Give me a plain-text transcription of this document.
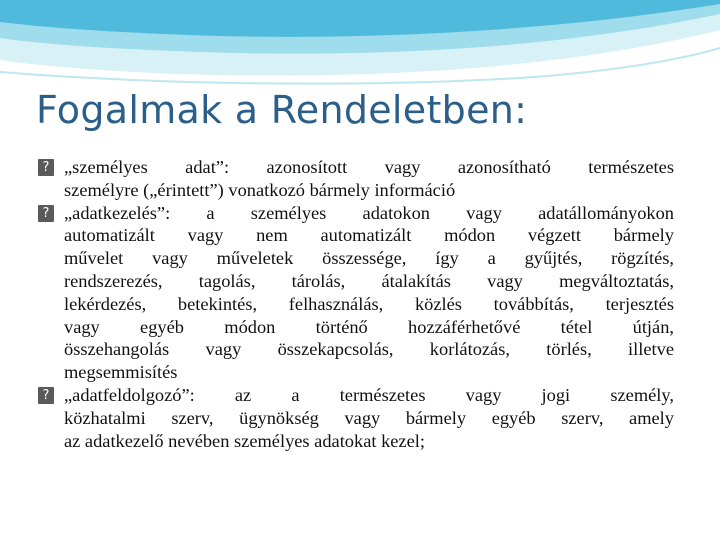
Fogalmak a Rendeletben:
? „személyes adat”: azonosított vagy azonosítható természetes
személyre („érintett”) vonatkozó bármely információ
? „adatkezelés”: a személyes adatokon vagy adatállományokon
automatizált vagy nem automatizált módon végzett bármely
művelet vagy műveletek összessége, így a gyűjtés, rögzítés,
rendszerezés, tagolás, tárolás, átalakítás vagy megváltoztatás,
lekérdezés, betekintés, felhasználás, közlés továbbítás, terjesztés
vagy egyéb módon történő hozzáférhetővé tétel útján,
összehangolás vagy összekapcsolás, korlátozás, törlés, illetve
megsemmisítés
? „adatfeldolgozó”: az a természetes vagy jogi személy,
közhatalmi szerv, ügynökség vagy bármely egyéb szerv, amely
az adatkezelő nevében személyes adatokat kezel;
